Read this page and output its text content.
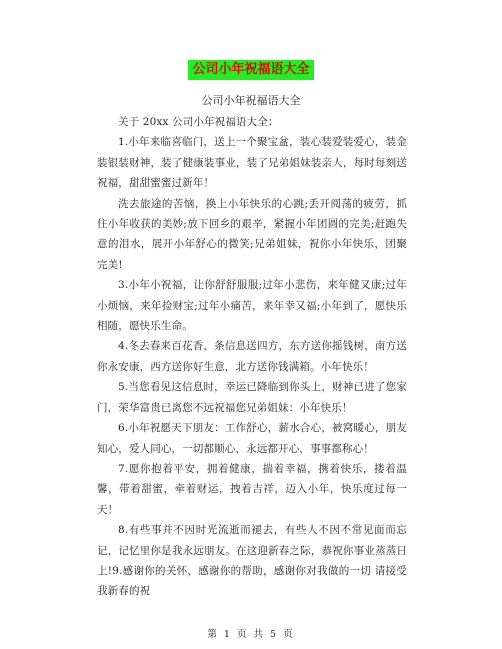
公司小年祝福语大全
公司小年祝福语大全

关于 20xx 公司小年祝福语大全：

1.小年来临喜临门，送上一个聚宝盆，装心装爱装爱心，装金装银装财神，装了健康装事业，装了兄弟姐妹装亲人，每时每刻送祝福，甜甜蜜蜜过新年！

洗去旅途的苦恼，换上小年快乐的心跳;丢开阅荡的疲劳，抓住小年收获的美妙;放下回乡的艰辛，紧握小年团圆的完美;赶跑失意的泪水，展开小年舒心的微笑;兄弟姐妹，祝你小年快乐，团聚完美!

3.小年小祝福，让你舒舒服服;过年小悲伤，来年健又康;过年小烦恼，来年捡财宝;过年小痛苦，来年幸又福;小年到了，愿快乐相随，愿快乐生命。

4.冬去春来百花香，条信息送四方，东方送你摇钱树，南方送你永安康，西方送你好生意，北方送你钱满箱。小年快乐！

5.当您看见这信息时，幸运已降临到你头上，财神已进了您家门，荣华富贵已离您不远祝福您兄弟姐妹：小年快乐！

6.小年祝愿天下朋友：工作舒心，薪水合心，被窝暖心，朋友知心，爱人同心，一切都顺心，永远都开心，事事都称心！

7.愿你抱着平安，拥着健康，揣着幸福，携着快乐，搂着温馨，带着甜蜜，牵着财运，拽着吉祥，迈入小年，快乐度过每一天！

8.有些事并不因时光流逝而褪去，有些人不因不常见面而忘记，记忆里你是我永远朋友。在这迎新春之际，恭祝你事业蒸蒸日上!9.感谢你的关怀，感谢你的帮助，感谢你对我做的一切 请接受我新春的祝

第 1 页 共 5 页
